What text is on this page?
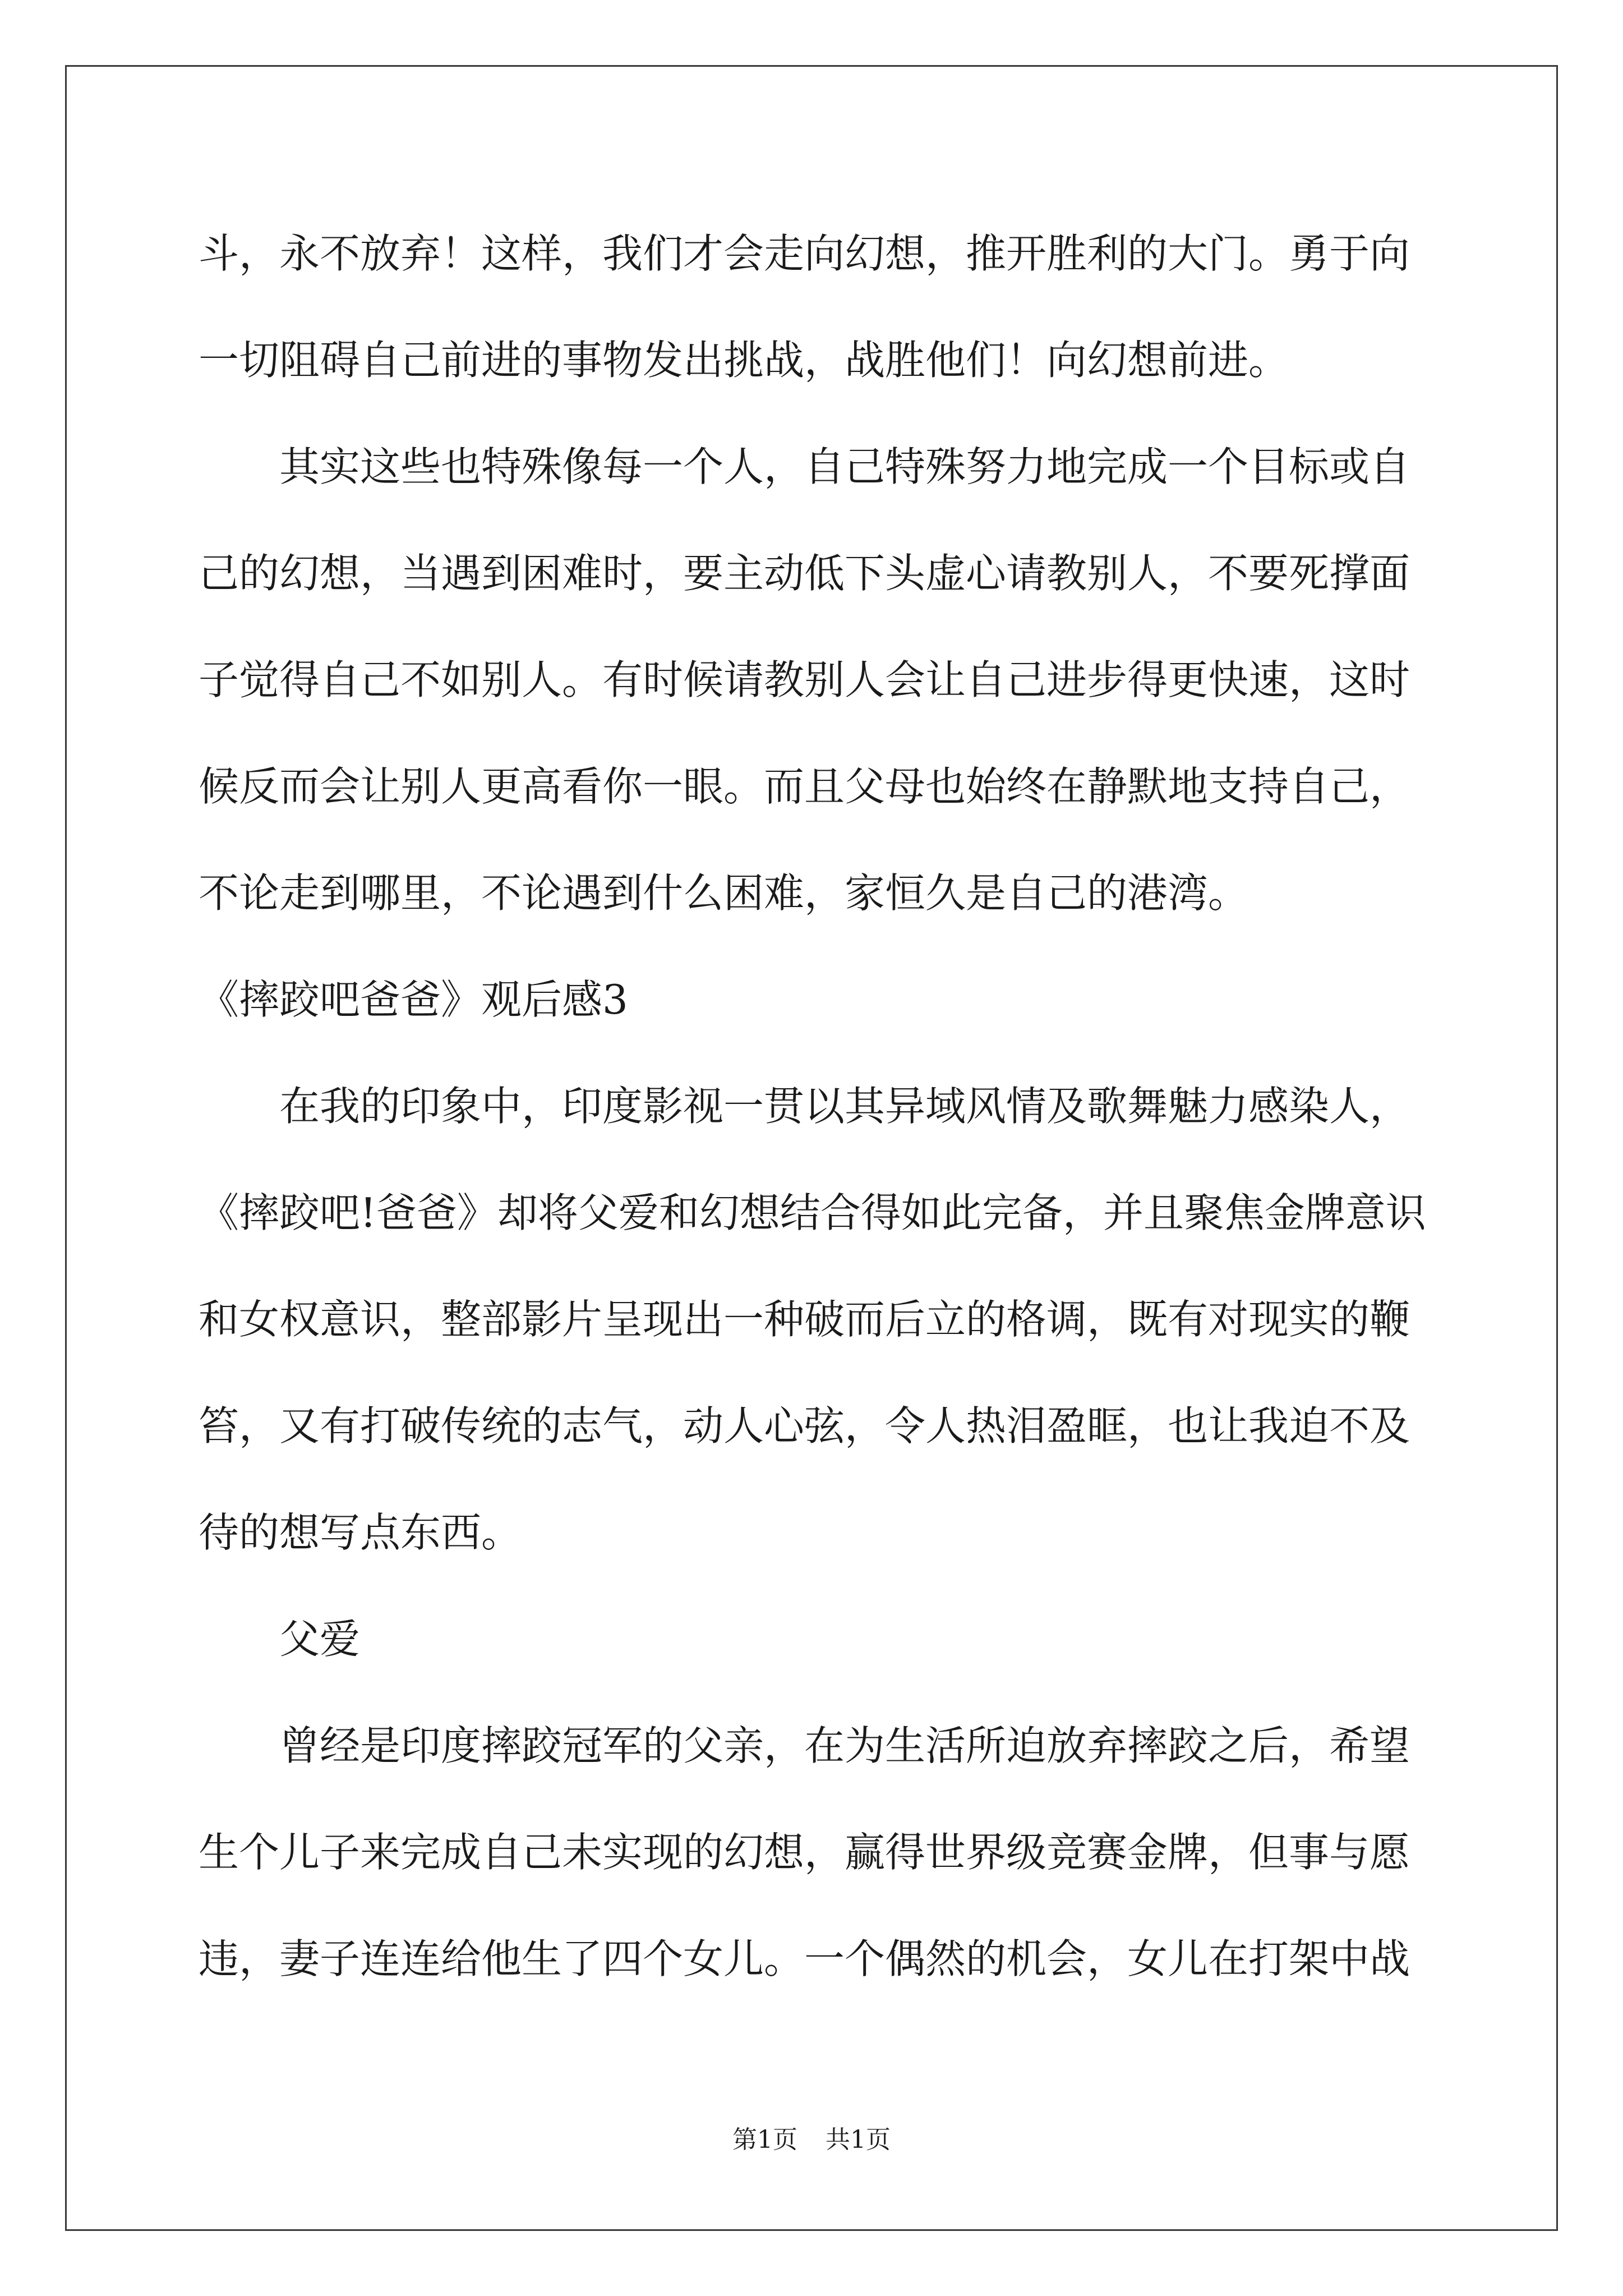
斗，永不放弃！这样，我们才会走向幻想，推开胜利的大门。勇于向
一切阻碍自己前进的事物发出挑战，战胜他们！向幻想前进。
　　其实这些也特殊像每一个人，自己特殊努力地完成一个目标或自
己的幻想，当遇到困难时，要主动低下头虚心请教别人，不要死撑面
子觉得自己不如别人。有时候请教别人会让自己进步得更快速，这时
候反而会让别人更高看你一眼。而且父母也始终在静默地支持自己，
不论走到哪里，不论遇到什么困难，家恒久是自己的港湾。
《摔跤吧爸爸》观后感3
　　在我的印象中，印度影视一贯以其异域风情及歌舞魅力感染人，
《摔跤吧!爸爸》却将父爱和幻想结合得如此完备，并且聚焦金牌意识
和女权意识，整部影片呈现出一种破而后立的格调，既有对现实的鞭
笞，又有打破传统的志气，动人心弦，令人热泪盈眶，也让我迫不及
待的想写点东西。
　　父爱
　　曾经是印度摔跤冠军的父亲，在为生活所迫放弃摔跤之后，希望
生个儿子来完成自己未实现的幻想，赢得世界级竞赛金牌，但事与愿
违，妻子连连给他生了四个女儿。一个偶然的机会，女儿在打架中战
第1页 共1页
